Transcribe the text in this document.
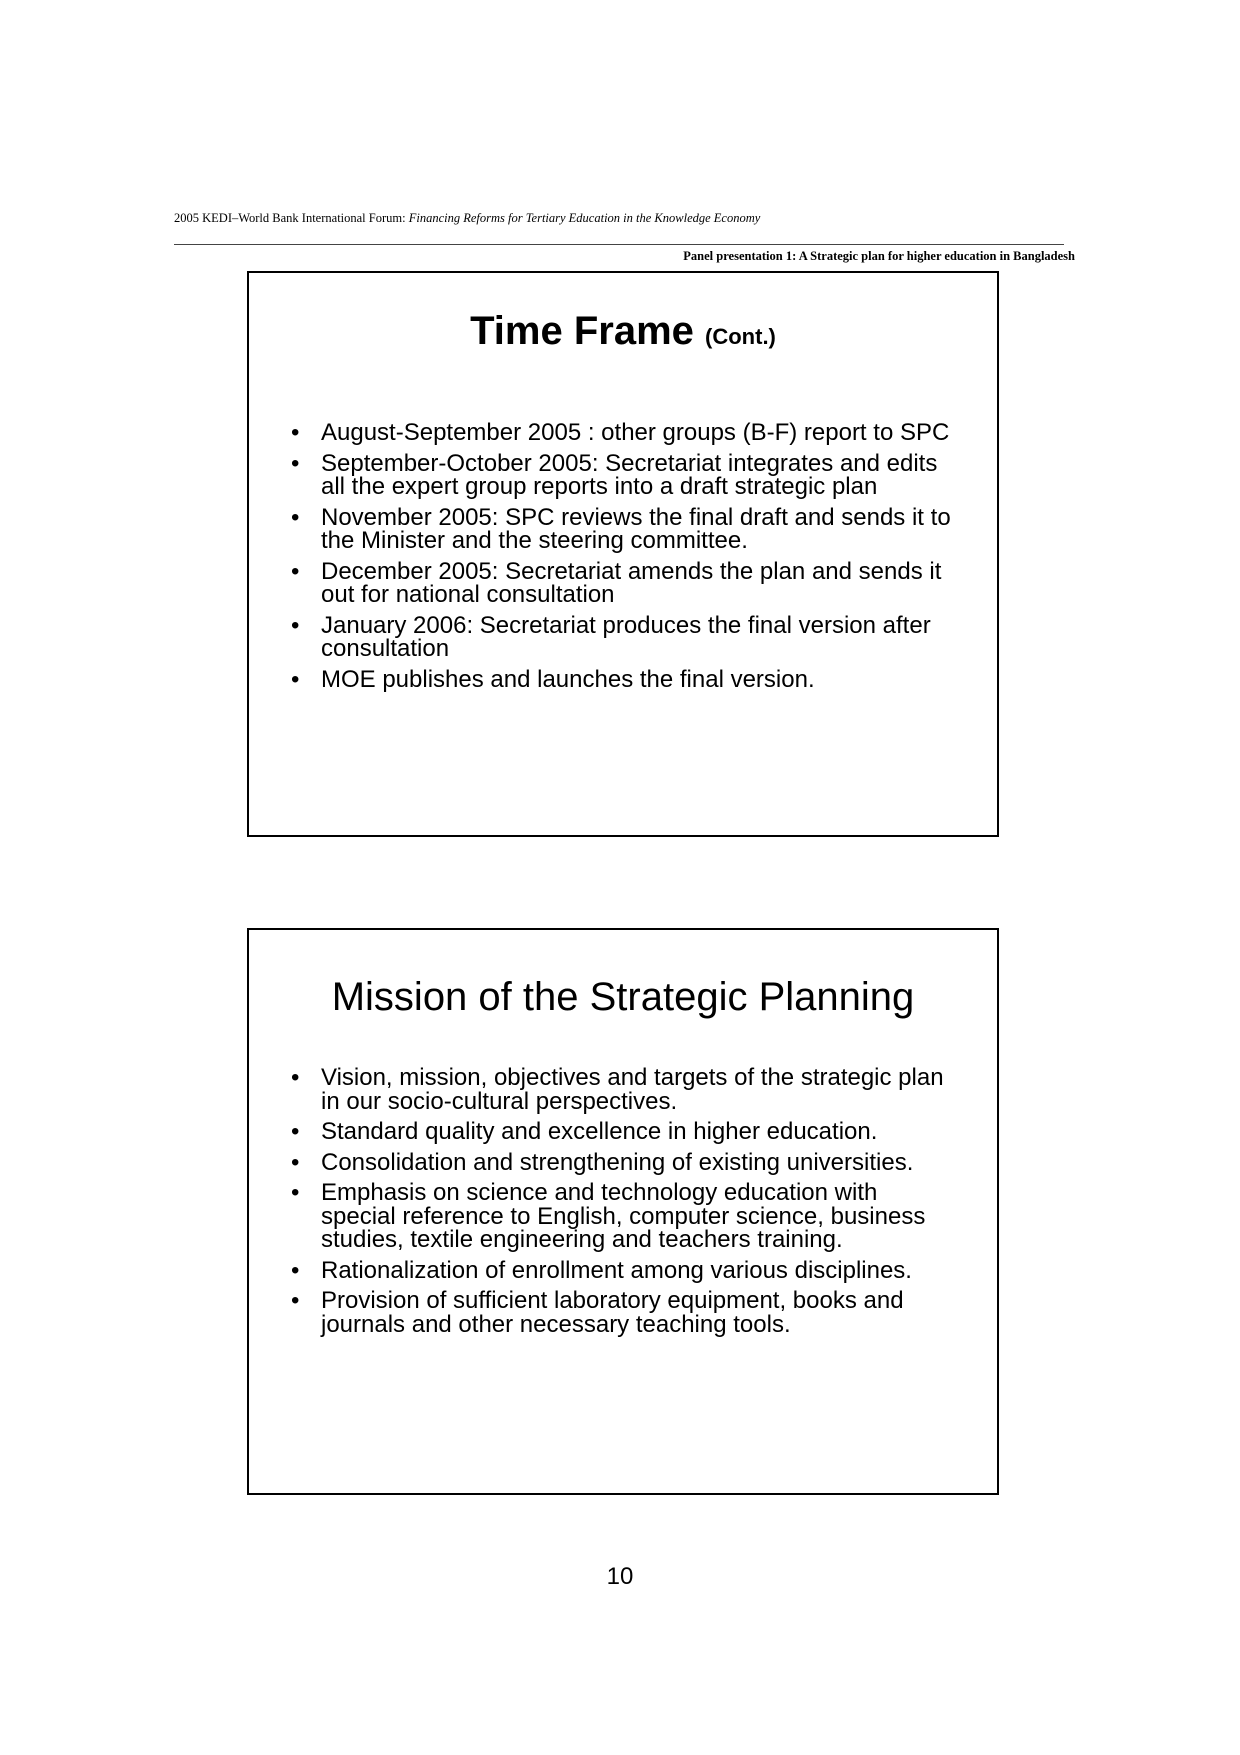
2005 KEDI–World Bank International Forum: Financing Reforms for Tertiary Education in the Knowledge Economy
Panel presentation 1: A Strategic plan for higher education in Bangladesh
Time Frame (Cont.)
• August-September 2005 : other groups (B-F) report to SPC
• September-October 2005: Secretariat integrates and edits all the expert group reports into a draft strategic plan
• November 2005: SPC reviews the final draft and sends it to the Minister and the steering committee.
• December 2005: Secretariat amends the plan and sends it out for national consultation
• January 2006: Secretariat produces the final version after consultation
• MOE publishes and launches the final version.
Mission of the Strategic Planning
• Vision, mission, objectives and targets of the strategic plan in our socio-cultural perspectives.
• Standard quality and excellence in higher education.
• Consolidation and strengthening of existing universities.
• Emphasis on science and technology education with special reference to English, computer science, business studies, textile engineering and teachers training.
• Rationalization of enrollment among various disciplines.
• Provision of sufficient laboratory equipment, books and journals and other necessary teaching tools.
10
